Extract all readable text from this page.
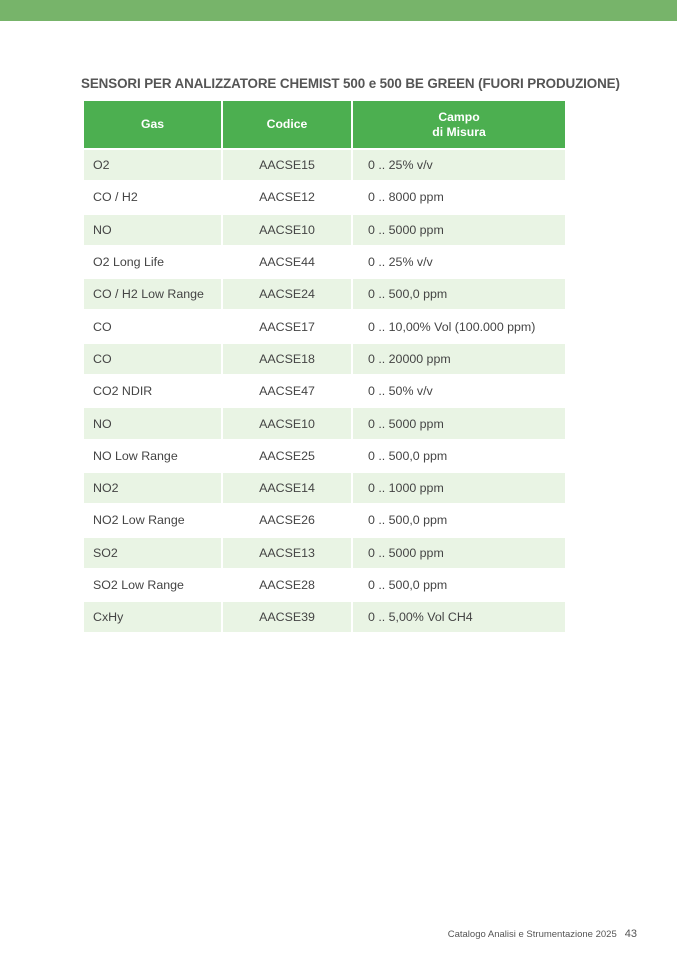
SENSORI PER ANALIZZATORE CHEMIST 500 e 500 BE GREEN (FUORI PRODUZIONE)
Gas	Codice	Campo
di Misura

O2	AACSE15	0 .. 25% v/v
CO / H2	AACSE12	0 .. 8000 ppm
NO	AACSE10	0 .. 5000 ppm
O2 Long Life	AACSE44	0 .. 25% v/v
CO / H2 Low Range	AACSE24	0 .. 500,0 ppm
CO	AACSE17	0 .. 10,00% Vol (100.000 ppm)
CO	AACSE18	0 .. 20000 ppm
CO2 NDIR	AACSE47	0 .. 50% v/v
NO	AACSE10	0 .. 5000 ppm
NO Low Range	AACSE25	0 .. 500,0 ppm
NO2	AACSE14	0 .. 1000 ppm
NO2 Low Range	AACSE26	0 .. 500,0 ppm
SO2	AACSE13	0 .. 5000 ppm
SO2 Low Range	AACSE28	0 .. 500,0 ppm
CxHy	AACSE39	0 .. 5,00% Vol CH4
Catalogo Analisi e Strumentazione 2025 43
